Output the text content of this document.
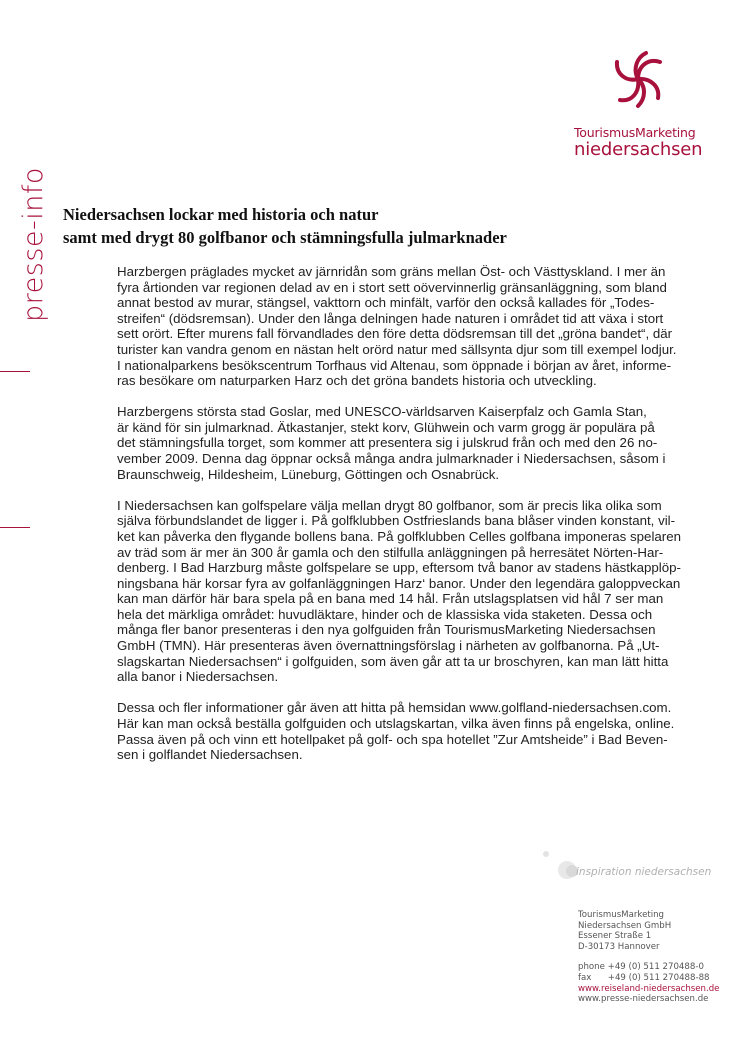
presse-info
TourismusMarketing
niedersachsen
Niedersachsen lockar med historia och natur
samt med drygt 80 golfbanor och stämningsfulla julmarknader

Harzbergen präglades mycket av järnridån som gräns mellan Öst- och Västtyskland. I mer än
fyra årtionden var regionen delad av en i stort sett oövervinnerlig gränsanläggning, som bland
annat bestod av murar, stängsel, vakttorn och minfält, varför den också kallades för „Todes-
streifen“ (dödsremsan). Under den långa delningen hade naturen i området tid att växa i stort
sett orört. Efter murens fall förvandlades den före detta dödsremsan till det „gröna bandet“, där
turister kan vandra genom en nästan helt orörd natur med sällsynta djur som till exempel lodjur.
I nationalparkens besökscentrum Torfhaus vid Altenau, som öppnade i början av året, informe-
ras besökare om naturparken Harz och det gröna bandets historia och utveckling.

Harzbergens största stad Goslar, med UNESCO-världsarven Kaiserpfalz och Gamla Stan,
är känd för sin julmarknad. Ätkastanjer, stekt korv, Glühwein och varm grogg är populära på
det stämningsfulla torget, som kommer att presentera sig i julskrud från och med den 26 no-
vember 2009. Denna dag öppnar också många andra julmarknader i Niedersachsen, såsom i
Braunschweig, Hildesheim, Lüneburg, Göttingen och Osnabrück.

I Niedersachsen kan golfspelare välja mellan drygt 80 golfbanor, som är precis lika olika som
själva förbundslandet de ligger i. På golfklubben Ostfrieslands bana blåser vinden konstant, vil-
ket kan påverka den flygande bollens bana. På golfklubben Celles golfbana imponeras spelaren
av träd som är mer än 300 år gamla och den stilfulla anläggningen på herresätet Nörten-Har-
denberg. I Bad Harzburg måste golfspelare se upp, eftersom två banor av stadens hästkapplöp-
ningsbana här korsar fyra av golfanläggningen Harz‘ banor. Under den legendära galoppveckan
kan man därför här bara spela på en bana med 14 hål. Från utslagsplatsen vid hål 7 ser man
hela det märkliga området: huvudläktare, hinder och de klassiska vida staketen. Dessa och
många fler banor presenteras i den nya golfguiden från TourismusMarketing Niedersachsen
GmbH (TMN). Här presenteras även övernattningsförslag i närheten av golfbanorna. På „Ut-
slagskartan Niedersachsen“ i golfguiden, som även går att ta ur broschyren, kan man lätt hitta
alla banor i Niedersachsen.

Dessa och fler informationer går även att hitta på hemsidan www.golfland-niedersachsen.com.
Här kan man också beställa golfguiden och utslagskartan, vilka även finns på engelska, online.
Passa även på och vinn ett hotellpaket på golf- och spa hotellet ”Zur Amtsheide” i Bad Beven-
sen i golflandet Niedersachsen.

inspiration niedersachsen
TourismusMarketing
Niedersachsen GmbH
Essener Straße 1
D-30173 Hannover
phone +49 (0) 511 270488-0
fax      +49 (0) 511 270488-88
www.reiseland-niedersachsen.de
www.presse-niedersachsen.de
